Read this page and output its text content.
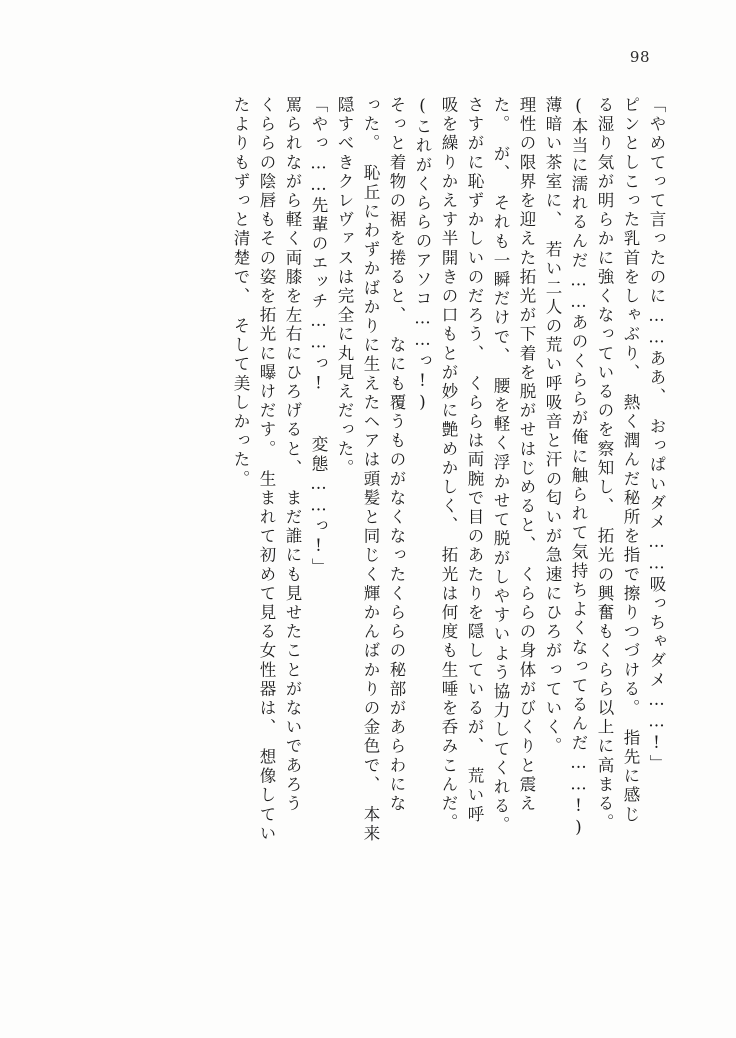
98
「やめてって言ったのに……ああ、　おっぱいダメ……吸っちゃダメ……!」
ピンとしこった乳首をしゃぶり、　熱く潤んだ秘所を指で擦りつづける。　指先に感じ
る湿り気が明らかに強くなっているのを察知し、　拓光の興奮もくらら以上に高まる。
(本当に濡れるんだ……あのくららが俺に触られて気持ちよくなってるんだ……!)
薄暗い茶室に、　若い二人の荒い呼吸音と汗の匂いが急速にひろがっていく。
理性の限界を迎えた拓光が下着を脱がせはじめると、　くららの身体がびくりと震え
た。　が、　それも一瞬だけで、　腰を軽く浮かせて脱がしやすいよう協力してくれる。
さすがに恥ずかしいのだろう、　くららは両腕で目のあたりを隠しているが、　荒い呼
吸を繰りかえす半開きの口もとが妙に艶めかしく、　拓光は何度も生唾を呑みこんだ。
(これがくららのアソコ……っ!)
そっと着物の裾を捲ると、　なにも覆うものがなくなったくららの秘部があらわにな
った。　恥丘にわずかばかりに生えたヘアは頭髪と同じく輝かんばかりの金色で、　本来
隠すべきクレヴァスは完全に丸見えだった。
「やっ……先輩のエッチ……っ! 　変態……っ!」
罵られながら軽く両膝を左右にひろげると、　まだ誰にも見せたことがないであろう
くららの陰唇もその姿を拓光に曝けだす。　生まれて初めて見る女性器は、　想像してい
たよりもずっと清楚で、　そして美しかった。
